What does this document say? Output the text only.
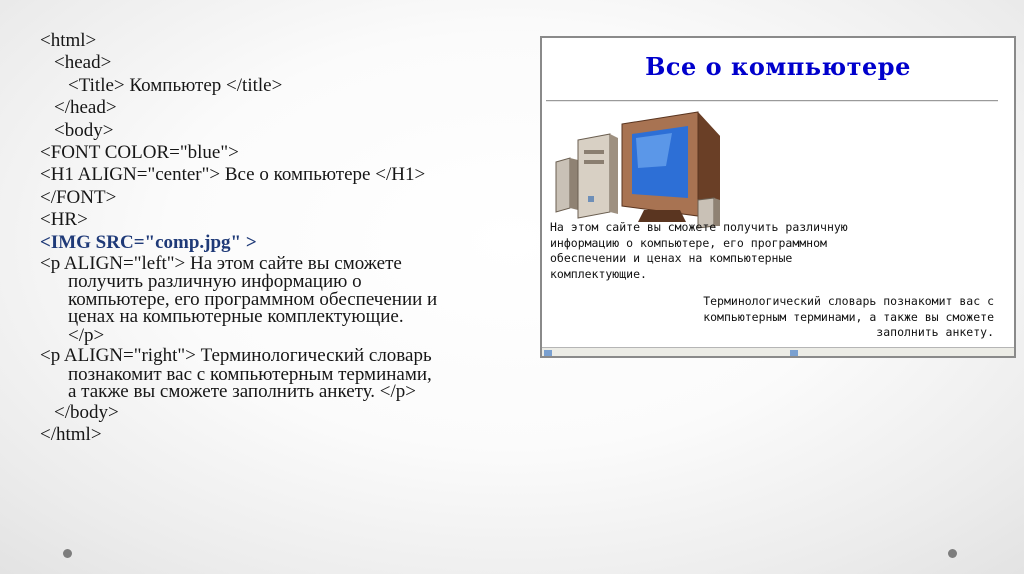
<html>
<head>
<Title> Компьютер </title>
</head>
<body>
<FONT COLOR="blue">
<H1 ALIGN="center"> Все о компьютере </H1>
</FONT>
<HR>
<IMG SRC="comp.jpg" >
<p ALIGN="left"> На этом сайте вы сможете
получить различную информацию о
компьютере, его программном обеспечении и
ценах на компьютерные комплектующие.
</p>
<p ALIGN="right"> Терминологический словарь
познакомит вас с компьютерным терминами,
а также вы сможете заполнить анкету. </p>
</body>
</html>
Все о компьютере
На этом сайте вы сможете получить различную
информацию о компьютере, его программном
обеспечении и ценах на компьютерные
комплектующие.
Терминологический словарь познакомит вас с
компьютерным терминами, а также вы сможете
заполнить анкету.
